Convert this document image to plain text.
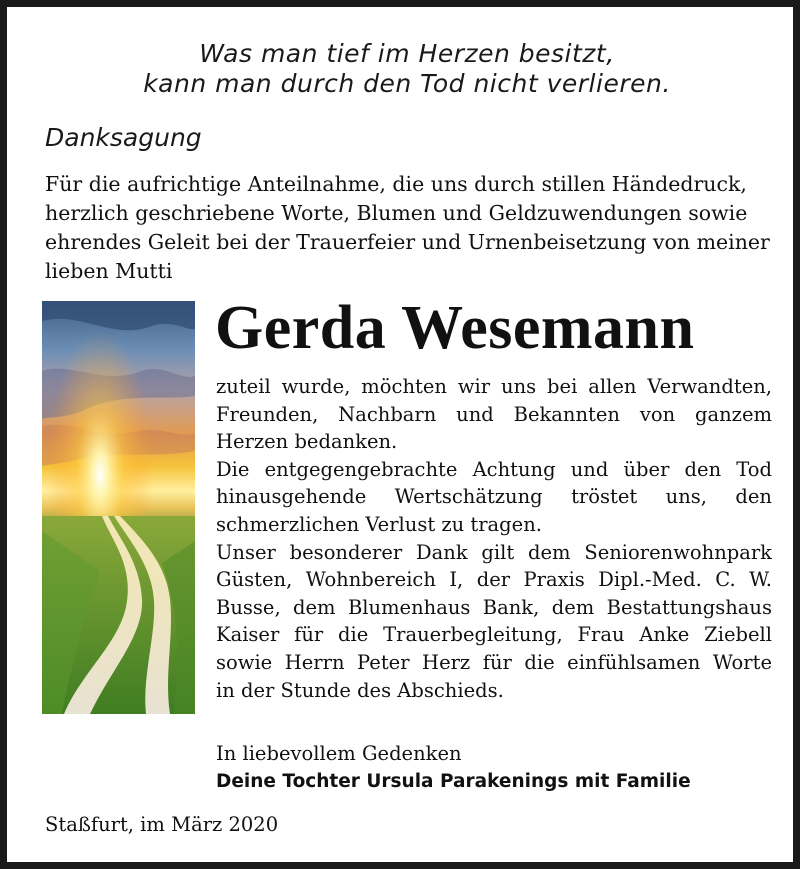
Was man tief im Herzen besitzt,
kann man durch den Tod nicht verlieren.
Danksagung
Für die aufrichtige Anteilnahme, die uns durch stillen Händedruck,
herzlich geschriebene Worte, Blumen und Geldzuwendungen sowie
ehrendes Geleit bei der Trauerfeier und Urnenbeisetzung von meiner
lieben Mutti
Gerda Wesemann
zuteil wurde, möchten wir uns bei allen Verwandten,
Freunden, Nachbarn und Bekannten von ganzem
Herzen bedanken.
Die entgegengebrachte Achtung und über den Tod
hinausgehende Wertschätzung tröstet uns, den
schmerzlichen Verlust zu tragen.
Unser besonderer Dank gilt dem Seniorenwohnpark
Güsten, Wohnbereich I, der Praxis Dipl.-Med. C. W.
Busse, dem Blumenhaus Bank, dem Bestattungshaus
Kaiser für die Trauerbegleitung, Frau Anke Ziebell
sowie Herrn Peter Herz für die einfühlsamen Worte
in der Stunde des Abschieds.
In liebevollem Gedenken
Deine Tochter Ursula Parakenings mit Familie
Staßfurt, im März 2020
